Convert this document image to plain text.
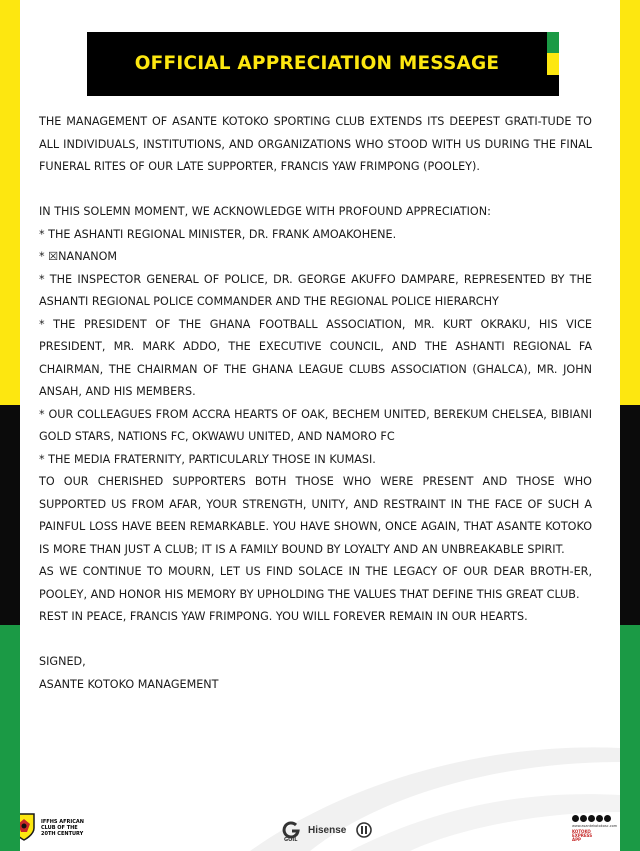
OFFICIAL APPRECIATION MESSAGE

THE MANAGEMENT OF ASANTE KOTOKO SPORTING CLUB EXTENDS ITS DEEPEST GRATI-TUDE TO ALL INDIVIDUALS, INSTITUTIONS, AND ORGANIZATIONS WHO STOOD WITH US DURING THE FINAL FUNERAL RITES OF OUR LATE SUPPORTER, FRANCIS YAW FRIMPONG (POOLEY).

IN THIS SOLEMN MOMENT, WE ACKNOWLEDGE WITH PROFOUND APPRECIATION:

* THE ASHANTI REGIONAL MINISTER, DR. FRANK AMOAKOHENE.

* ☒NANANOM

* THE INSPECTOR GENERAL OF POLICE, DR. GEORGE AKUFFO DAMPARE, REPRESENTED BY THE ASHANTI REGIONAL POLICE COMMANDER AND THE REGIONAL POLICE HIERARCHY

* THE PRESIDENT OF THE GHANA FOOTBALL ASSOCIATION, MR. KURT OKRAKU, HIS VICE PRESIDENT, MR. MARK ADDO, THE EXECUTIVE COUNCIL, AND THE ASHANTI REGIONAL FA CHAIRMAN, THE CHAIRMAN OF THE GHANA LEAGUE CLUBS ASSOCIATION (GHALCA), MR. JOHN ANSAH, AND HIS MEMBERS.

* OUR COLLEAGUES FROM ACCRA HEARTS OF OAK, BECHEM UNITED, BEREKUM CHELSEA, BIBIANI GOLD STARS, NATIONS FC, OKWAWU UNITED, AND NAMORO FC

* THE MEDIA FRATERNITY, PARTICULARLY THOSE IN KUMASI.

TO OUR CHERISHED SUPPORTERS BOTH THOSE WHO WERE PRESENT AND THOSE WHO SUPPORTED US FROM AFAR, YOUR STRENGTH, UNITY, AND RESTRAINT IN THE FACE OF SUCH A PAINFUL LOSS HAVE BEEN REMARKABLE. YOU HAVE SHOWN, ONCE AGAIN, THAT ASANTE KOTOKO IS MORE THAN JUST A CLUB; IT IS A FAMILY BOUND BY LOYALTY AND AN UNBREAKABLE SPIRIT.

AS WE CONTINUE TO MOURN, LET US FIND SOLACE IN THE LEGACY OF OUR DEAR BROTH-ER, POOLEY, AND HONOR HIS MEMORY BY UPHOLDING THE VALUES THAT DEFINE THIS GREAT CLUB.

REST IN PEACE, FRANCIS YAW FRIMPONG. YOU WILL FOREVER REMAIN IN OUR HEARTS.

SIGNED,

ASANTE KOTOKO MANAGEMENT

IFFHS AFRICAN
CLUB OF THE
20TH CENTURY
GOIL
Hisense	www.asantekotokosc.com
KOTOKO
EXPRESS
APP
